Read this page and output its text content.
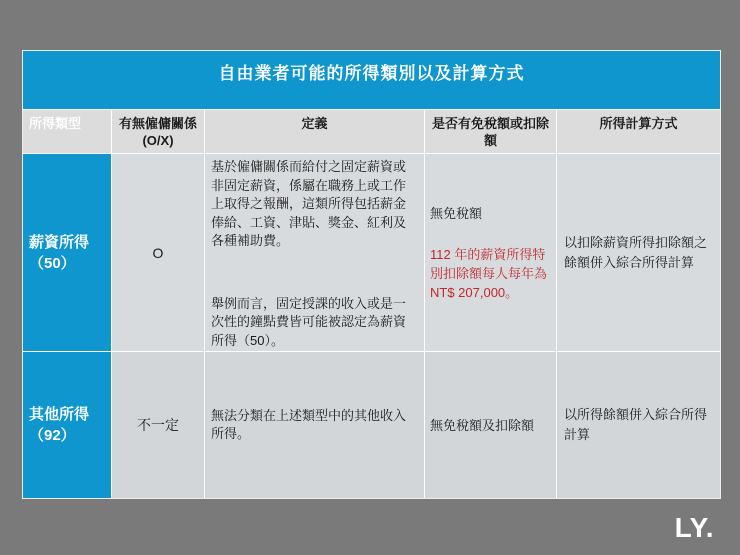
自由業者可能的所得類別以及計算方式
所得類型	有無僱傭關係
(O/X)
定義	是否有免稅額或扣除額
所得計算方式
薪資所得
（50）
O

基於僱傭關係而給付之固定薪資或非固定薪資，係屬在職務上或工作上取得之報酬，這類所得包括薪金俸給、工資、津貼、獎金、紅利及各種補助費。

舉例而言，固定授課的收入或是一次性的鐘點費皆可能被認定為薪資所得（50）。

無免稅額
112 年的薪資所得特別扣除額每人每年為 NT$ 207,000。
以扣除薪資所得扣除額之餘額併入綜合所得計算
其他所得
（92）
不一定

無法分類在上述類型中的其他收入所得。

無免稅額及扣除額
以所得餘額併入綜合所得計算
LY.
